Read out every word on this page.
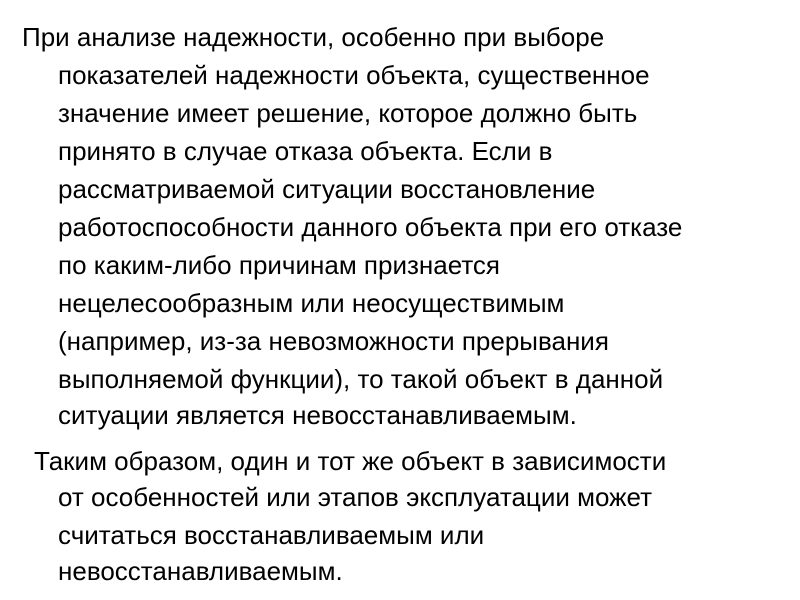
При анализе надежности, особенно при выборе
показателей надежности объекта, существенное
значение имеет решение, которое должно быть
принято в случае отказа объекта. Если в
рассматриваемой ситуации восстановление
работоспособности данного объекта при его отказе
по каким-либо причинам признается
нецелесообразным или неосуществимым
(например, из-за невозможности прерывания
выполняемой функции), то такой объект в данной
ситуации является невосстанавливаемым.
Таким образом, один и тот же объект в зависимости
от особенностей или этапов эксплуатации может
считаться восстанавливаемым или
невосстанавливаемым.
